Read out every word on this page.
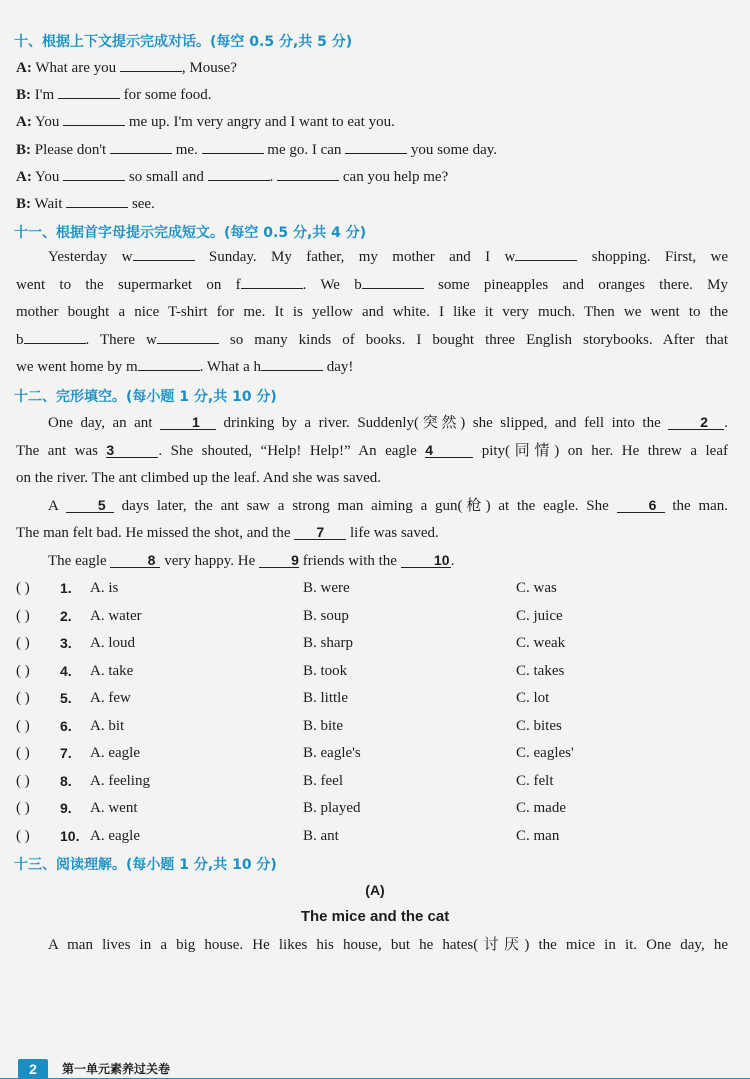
十、根据上下文提示完成对话。(每空 0.5 分,共 5 分)
A: What are you	, Mouse?
B: I'm	for some food.
A: You	me up. I'm very angry and I want to eat you.
B: Please don't	me.	me go. I can	you some day.
A: You	so small and	.	can you help me?
B: Wait	see.
十一、根据首字母提示完成短文。(每空 0.5 分,共 4 分)
Yesterday w	Sunday. My father, my mother and I w	shopping. First, we
went to the supermarket on f	. We b	some pineapples and oranges there. My
mother bought a nice T-shirt for me. It is yellow and white. I like it very much. Then we went to the
b	. There w	so many kinds of books. I bought three English storybooks. After that
we went home by m	. What a h	day!
十二、完形填空。(每小题 1 分,共 10 分)
One day, an ant	1 drinking by a river. Suddenly(突然) she slipped, and fell into the	2 .
The ant was 3	. She shouted, “Help! Help!” An eagle 4	pity(同情) on her. He threw a leaf
on the river. The ant climbed up the leaf. And she was saved.
A	5 days later, the ant saw a strong man aiming a gun(枪) at the eagle. She	6 the man.
The man felt bad. He missed the shot, and the 7 life was saved.
The eagle	8 very happy. He	9 friends with the	10.
( ) 1. A. is	B. were	C. was
( ) 2. A. water	B. soup	C. juice
( ) 3. A. loud	B. sharp	C. weak
( ) 4. A. take	B. took	C. takes
( ) 5. A. few	B. little	C. lot
( ) 6. A. bit	B. bite	C. bites
( ) 7. A. eagle	B. eagle's	C. eagles'
( ) 8. A. feeling	B. feel	C. felt
( ) 9. A. went	B. played	C. made
( ) 10. A. eagle	B. ant	C. man
十三、阅读理解。(每小题 1 分,共 10 分)
(A)
The mice and the cat
A man lives in a big house. He likes his house, but he hates(讨厌) the mice in it. One day, he
2	第一单元素养过关卷
